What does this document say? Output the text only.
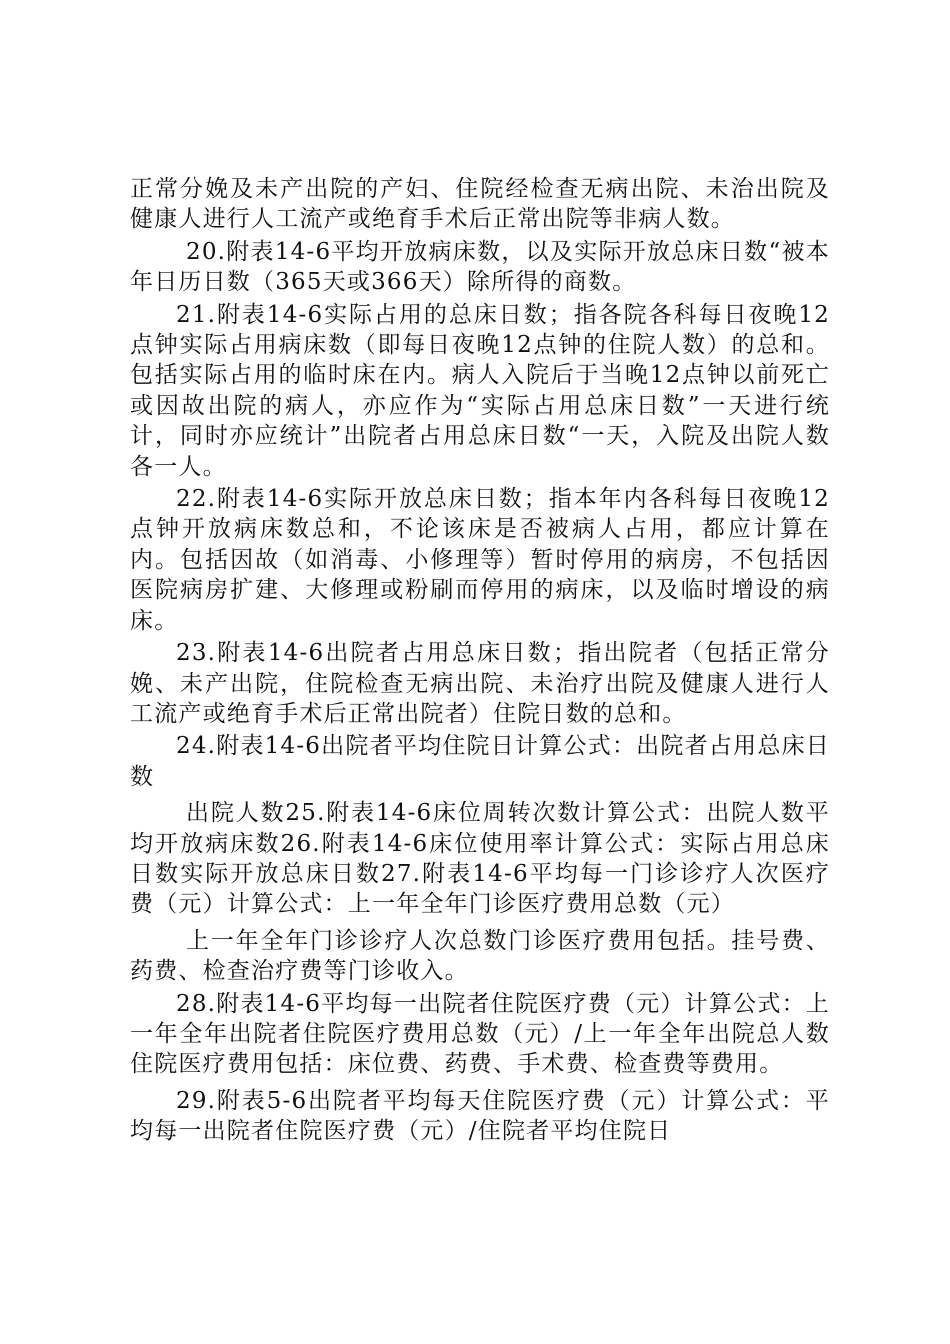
正常分娩及未产出院的产妇、住院经检查无病出院、未治出院及健康人进行人工流产或绝育手术后正常出院等非病人数。

20.附表14-6平均开放病床数，以及实际开放总床日数“被本年日历日数（365天或366天）除所得的商数。

21.附表14-6实际占用的总床日数；指各院各科每日夜晚12点钟实际占用病床数（即每日夜晚12点钟的住院人数）的总和。包括实际占用的临时床在内。病人入院后于当晚12点钟以前死亡或因故出院的病人，亦应作为“实际占用总床日数”一天进行统计，同时亦应统计”出院者占用总床日数“一天，入院及出院人数各一人。

22.附表14-6实际开放总床日数；指本年内各科每日夜晚12点钟开放病床数总和，不论该床是否被病人占用，都应计算在内。包括因故（如消毒、小修理等）暂时停用的病房，不包括因医院病房扩建、大修理或粉刷而停用的病床，以及临时增设的病床。

23.附表14-6出院者占用总床日数；指出院者（包括正常分娩、未产出院，住院检查无病出院、未治疗出院及健康人进行人工流产或绝育手术后正常出院者）住院日数的总和。

24.附表14-6出院者平均住院日计算公式：出院者占用总床日数

出院人数25.附表14-6床位周转次数计算公式：出院人数平均开放病床数26.附表14-6床位使用率计算公式：实际占用总床日数实际开放总床日数27.附表14-6平均每一门诊诊疗人次医疗费（元）计算公式：上一年全年门诊医疗费用总数（元）

上一年全年门诊诊疗人次总数门诊医疗费用包括。挂号费、药费、检查治疗费等门诊收入。

28.附表14-6平均每一出院者住院医疗费（元）计算公式：上一年全年出院者住院医疗费用总数（元）/上一年全年出院总人数住院医疗费用包括：床位费、药费、手术费、检查费等费用。

29.附表5-6出院者平均每天住院医疗费（元）计算公式：平均每一出院者住院医疗费（元）/住院者平均住院日
